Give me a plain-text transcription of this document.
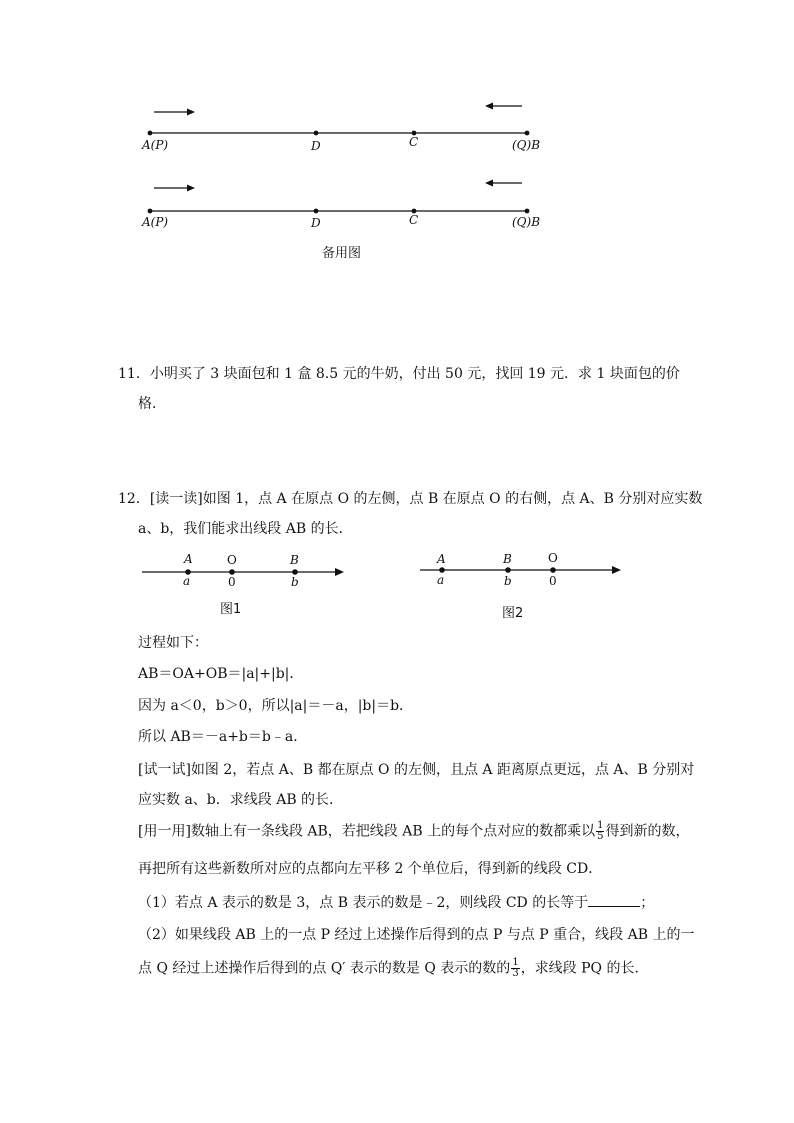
A(P)	D	C	(Q)B
A(P)	D	C	(Q)B
备用图
11．小明买了 3 块面包和 1 盒 8.5 元的牛奶，付出 50 元，找回 19 元．求 1 块面包的价
格．
12．[读一读]如图 1，点 A 在原点 O 的左侧，点 B 在原点 O 的右侧，点 A、B 分别对应实数
a、b，我们能求出线段 AB 的长．
A	O	B
a	0	b
图1
A	B	O
a	b	0
图2
过程如下：
AB＝OA+OB＝|a|+|b|．
因为 a＜0，b＞0，所以|a|＝－a，|b|＝b．
所以 AB＝－a+b＝b﹣a．
[试一试]如图 2，若点 A、B 都在原点 O 的左侧，且点 A 距离原点更远，点 A、B 分别对
应实数 a、b．求线段 AB 的长．
[用一用]数轴上有一条线段 AB，若把线段 AB 上的每个点对应的数都乘以 $\frac{1}{5}$ 得到新的数，
再把所有这些新数所对应的点都向左平移 2 个单位后，得到新的线段 CD．
（1）若点 A 表示的数是 3，点 B 表示的数是﹣2，则线段 CD 的长等于	；
（2）如果线段 AB 上的一点 P 经过上述操作后得到的点 P 与点 P 重合，线段 AB 上的一
点 Q 经过上述操作后得到的点 Q′ 表示的数是 Q 表示的数的 $\frac{1}{3}$ ，求线段 PQ 的长．
